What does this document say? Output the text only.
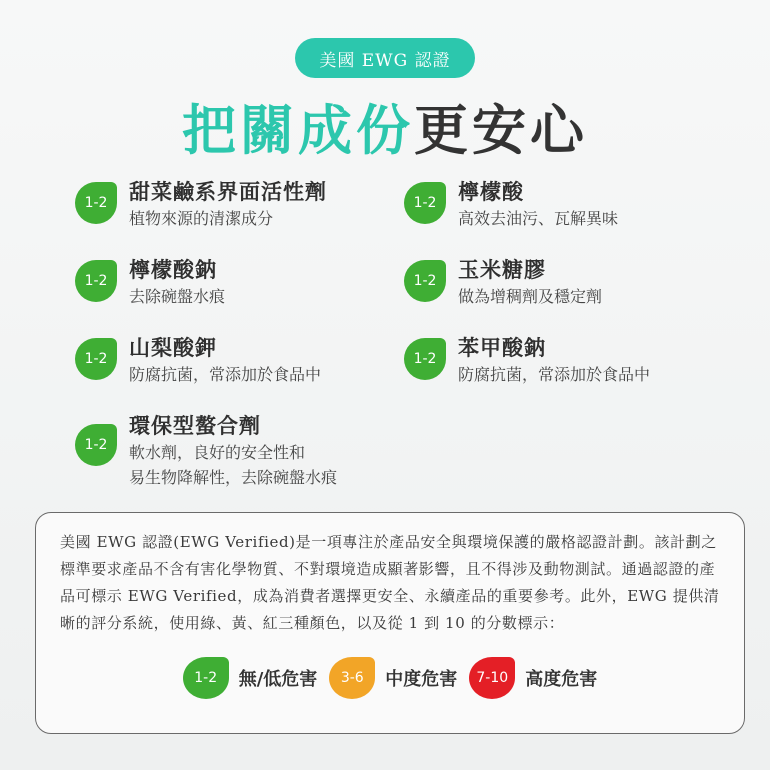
美國 EWG 認證
把關成份更安心
1-2	甜菜鹼系界面活性劑
植物來源的清潔成分
1-2	檸檬酸
高效去油污、瓦解異味
1-2	檸檬酸鈉
去除碗盤水痕
1-2	玉米糖膠
做為增稠劑及穩定劑
1-2	山梨酸鉀
防腐抗菌，常添加於食品中
1-2	苯甲酸鈉
防腐抗菌，常添加於食品中
1-2
環保型螯合劑
軟水劑，良好的安全性和
易生物降解性，去除碗盤水痕
美國 EWG 認證(EWG Verified)是一項專注於產品安全與環境保護的嚴格認證計劃。該計劃之標準要求產品不含有害化學物質、不對環境造成顯著影響，且不得涉及動物測試。通過認證的產品可標示 EWG Verified，成為消費者選擇更安全、永續產品的重要參考。此外，EWG 提供清晰的評分系統，使用綠、黃、紅三種顏色，以及從 1 到 10 的分數標示：
1-2	無/低危害	3-6	中度危害	7-10 高度危害
